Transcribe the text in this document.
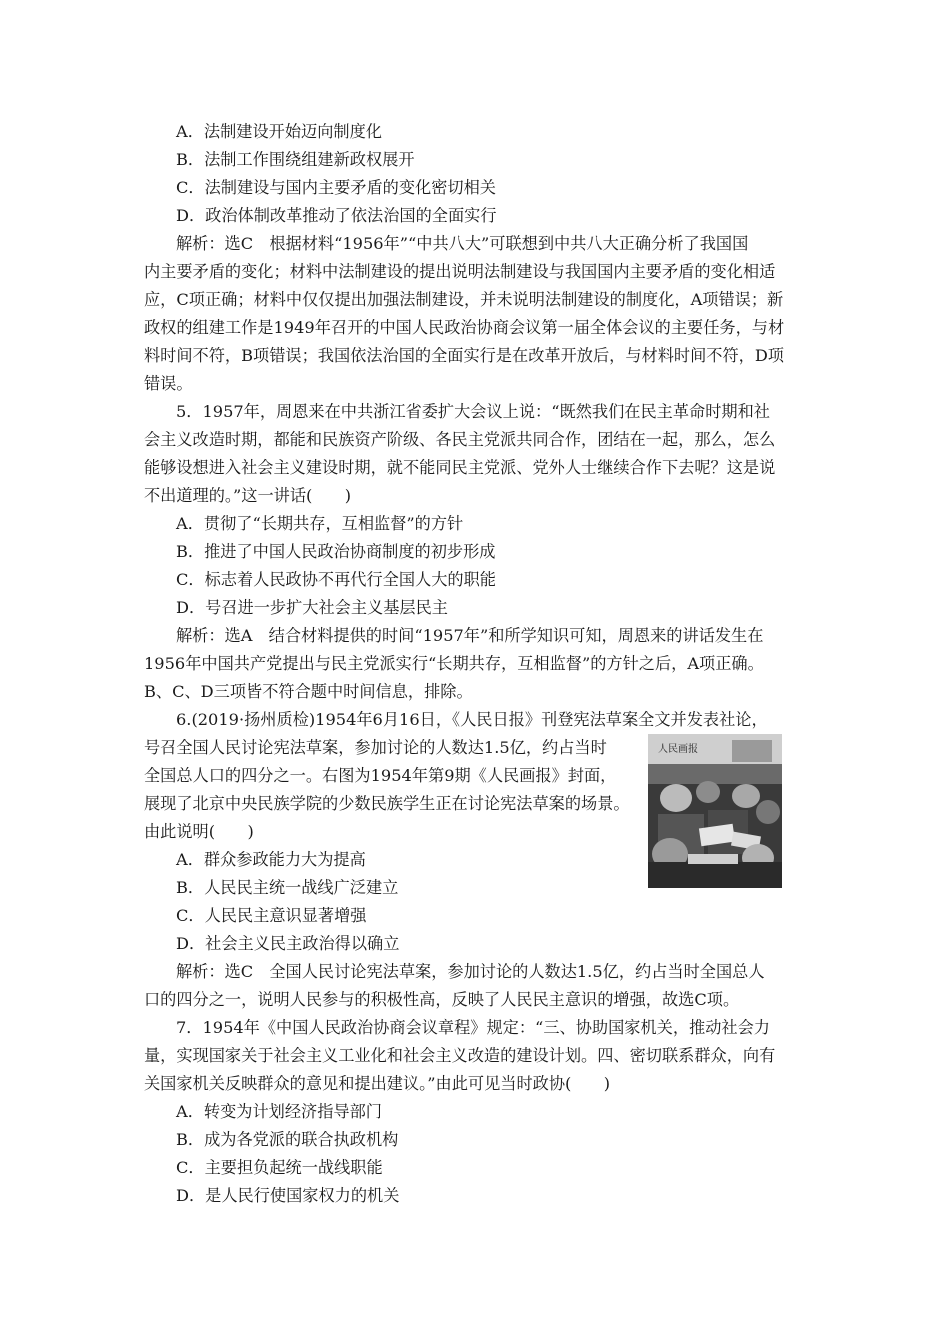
A．法制建设开始迈向制度化
B．法制工作围绕组建新政权展开
C．法制建设与国内主要矛盾的变化密切相关
D．政治体制改革推动了依法治国的全面实行
解析：选C　根据材料“1956年”“中共八大”可联想到中共八大正确分析了我国国
内主要矛盾的变化；材料中法制建设的提出说明法制建设与我国国内主要矛盾的变化相适
应，C项正确；材料中仅仅提出加强法制建设，并未说明法制建设的制度化，A项错误；新
政权的组建工作是1949年召开的中国人民政治协商会议第一届全体会议的主要任务，与材
料时间不符，B项错误；我国依法治国的全面实行是在改革开放后，与材料时间不符，D项
错误。
5．1957年，周恩来在中共浙江省委扩大会议上说：“既然我们在民主革命时期和社
会主义改造时期，都能和民族资产阶级、各民主党派共同合作，团结在一起，那么，怎么
能够设想进入社会主义建设时期，就不能同民主党派、党外人士继续合作下去呢？这是说
不出道理的。”这一讲话(　　)
A．贯彻了“长期共存，互相监督”的方针
B．推进了中国人民政治协商制度的初步形成
C．标志着人民政协不再代行全国人大的职能
D．号召进一步扩大社会主义基层民主
解析：选A　结合材料提供的时间“1957年”和所学知识可知，周恩来的讲话发生在
1956年中国共产党提出与民主党派实行“长期共存，互相监督”的方针之后，A项正确。
B、C、D三项皆不符合题中时间信息，排除。
6.(2019·扬州质检)1954年6月16日，《人民日报》刊登宪法草案全文并发表社论，
号召全国人民讨论宪法草案，参加讨论的人数达1.5亿，约占当时
全国总人口的四分之一。右图为1954年第9期《人民画报》封面，
展现了北京中央民族学院的少数民族学生正在讨论宪法草案的场景。
由此说明(　　)
人民画报
A．群众参政能力大为提高
B．人民民主统一战线广泛建立
C．人民民主意识显著增强
D．社会主义民主政治得以确立
解析：选C　全国人民讨论宪法草案，参加讨论的人数达1.5亿，约占当时全国总人
口的四分之一，说明人民参与的积极性高，反映了人民民主意识的增强，故选C项。
7．1954年《中国人民政治协商会议章程》规定：“三、协助国家机关，推动社会力
量，实现国家关于社会主义工业化和社会主义改造的建设计划。四、密切联系群众，向有
关国家机关反映群众的意见和提出建议。”由此可见当时政协(　　)
A．转变为计划经济指导部门
B．成为各党派的联合执政机构
C．主要担负起统一战线职能
D．是人民行使国家权力的机关
